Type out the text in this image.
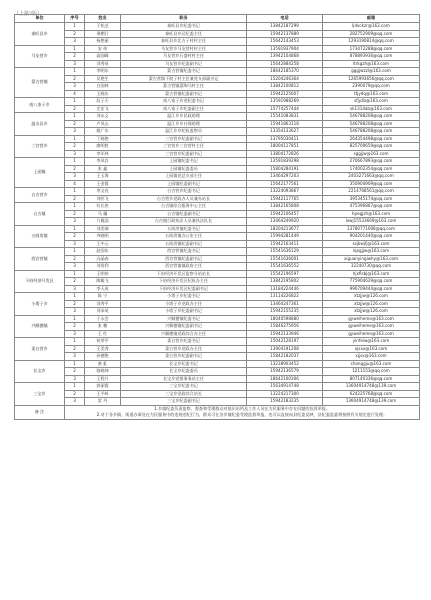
（上接2版）
单位	序号	姓名	职务	电话	邮箱
泰旺县乡	1	于松芝	泰旺县乡纪委书记	13842187299	ljdxckzr@163.com
	2	邢栖行	泰旺县乡区纪委主任	15942137889	282752909@qq.com
	3	杨艳丽	泰旺县乡北方子村村主任	15642143453	1293190814@qq.com
马友营乡	1	安 伟	马友营乡马友营村村主任	13591937904	173472288@qq.com
	2	高国峰	马友营乡石盛村村主任	13942104868	878893936@qq.com
	3	刘秀英	马友营乡纪委副书记	15642884258	ltrkgzh@163.com
蒙古营镇	1	李明东	蒙古营镇纪委书记	18642185370	gggjwzzl@163.com
	2	吴艳生	蒙古营镇下院子村主任兼党支部副书记	15204246364	1265993656@qq.com
	3	白国林	蒙古营镇蒙陶马村主任	13842100812	2390079@qq.com
	4	王晓东	蒙古营镇纪委副书记	15942125607	ttjydq@163.com
南八家子乡	1	段子丕	南八家子乡党纪委书记	13591988269	sfjyzb@163.com
	2	尤宏飞	南八家子乡纪委副主任	15774257444	sk1314ab@163.com
温水县乡	1	刘永义	温江乡乡民政助理	15541083831	546788208@qq.com
	2	卢凤山	温江乡乡社保助理	15941863118	546788208@qq.com
	3	姚广东	温江乡乡纪检监察员	13354133627	546788208@qq.com
三官营乡	1	丁晓艳	三官营乡纪委副书记	13795030411	264354498@qq.com
	2	廖明胜	三官营乡三官营村主任	18004117851	825709659@qq.com
	3	李军林	三官营乡纪委副书记	13804172826	sggjjw@163.com
上园镇	1	李凤存	上园镇纪委书记	13591839298	270667893@qq.com
	2	张 鑫	上园镇纪委委员	15804284191	174002354@qq.com
	3	王玉海	上园镇党总支部主任	13464297203	2403271663@qq.com
	4	王金霞	上园镇纪委副书记	15642177561	350904909@qq.com
台吉营乡	1	李文亮	台吉营乡纪委书记	13224093867	2214768561@qq.com
	2	刘怀飞	台吉营乡党政办人员兼办站长	15942117765	395345174@qq.com
台吉镇	1	杜长侠	台吉镇综合服务中心主任	13842165808	475396867@qq.com
	2	马 骥	台吉镇纪委副书记	15942106457	hpegjzh@163.com
	3	乃胤国	台吉镇行政执法人员兼执法队长	13464249920	lxwj15533669@163.com
五间房镇	1	刘奕瑞	五间房镇纪委书记	18204213677	13780771008@qq.com
	2	齐晓明	五间房镇办公室主任	15994281449	904201440@qq.com
	3	王中元	五间房镇纪委副书记	15942163411	ssjbwjfj@163.com
西官营镇	1	赵国东	西官营镇纪委书记	15541636129	lqxgjjw@163.com
	2	冯晶春	西官营镇纪委副书记	15541636601	xiguanyingiwhy@163.com
	3	刘贵利	西官营镇镇政府主任	15541636552	32240730@qq.com
下府经济开发区	1	王明伟	下府经济开发区监察分站站长	15542196597	hjxflsbj@163.com
	2	陶雄飞	下府经济开发区纪检办主任	13842195802	775904629@qq.com
	3	李天成	下府经济开发区纪委副书记	13184224446	996709444@qq.com
小塔子乡	1	陈 宁	小塔子乡纪委书记	13114226822	xtzjjw@126.com
	2	刘秀平	小塔子乡党政办主任	13464247361	xtzjjw@126.com
	3	刘承英	小塔子乡纪委副书记	15942155235	xtzjjw@126.com
兴顺德镇	1	于永会	兴顺德镇纪委书记	18040598880	gyweiheme@163.com
	2	张 鹏	兴顺德镇纪委副书记	15846275956	gyweiheme@163.com
	3	王 红	兴顺德镇党政综合办主任	15942133946	gyweiheme@163.com
姜台营乡	1	何荣平	姜台营乡纪委书记	15042128197	yinfeiw@163.com
	2	王美秀	姜台营乡党政办主任	13904191208	xjsxx@163.com
	3	孙德艳	姜台营乡纪委副书记	15842182037	xjjsx@163.com
长宝乡	1	康 虹	长宝乡纪委书记	13238903452	changgju@163.com
	2	骆晓坤	长宝乡纪委委员	15942136579	1211153@qq.com
	3	王程月	长宝乡党群事务站主任	18642100306	807140336@qq.com
三宝乡	1	郭丽霞	三宝乡纪委书记	15634914748	13604914748@139.com
	2	王平岭	三宝乡党政综合站长	13224217300	624225768@qq.com
	3	雷 丹	三宝乡纪委副书记	15942183235	13604914748@139.com
备 注	1.乡镇纪委负责监察、督查和受理群众对基层站所及工作人员在为民服务中存在问题的投诉举报。
2.对于各乡镇、街道办事处在为民服务中的违规违纪行为，群众可在各乡镇纪委受理监督举报，也可以直接向县纪委反映，县纪委监委将按照有关规定进行处理。				
